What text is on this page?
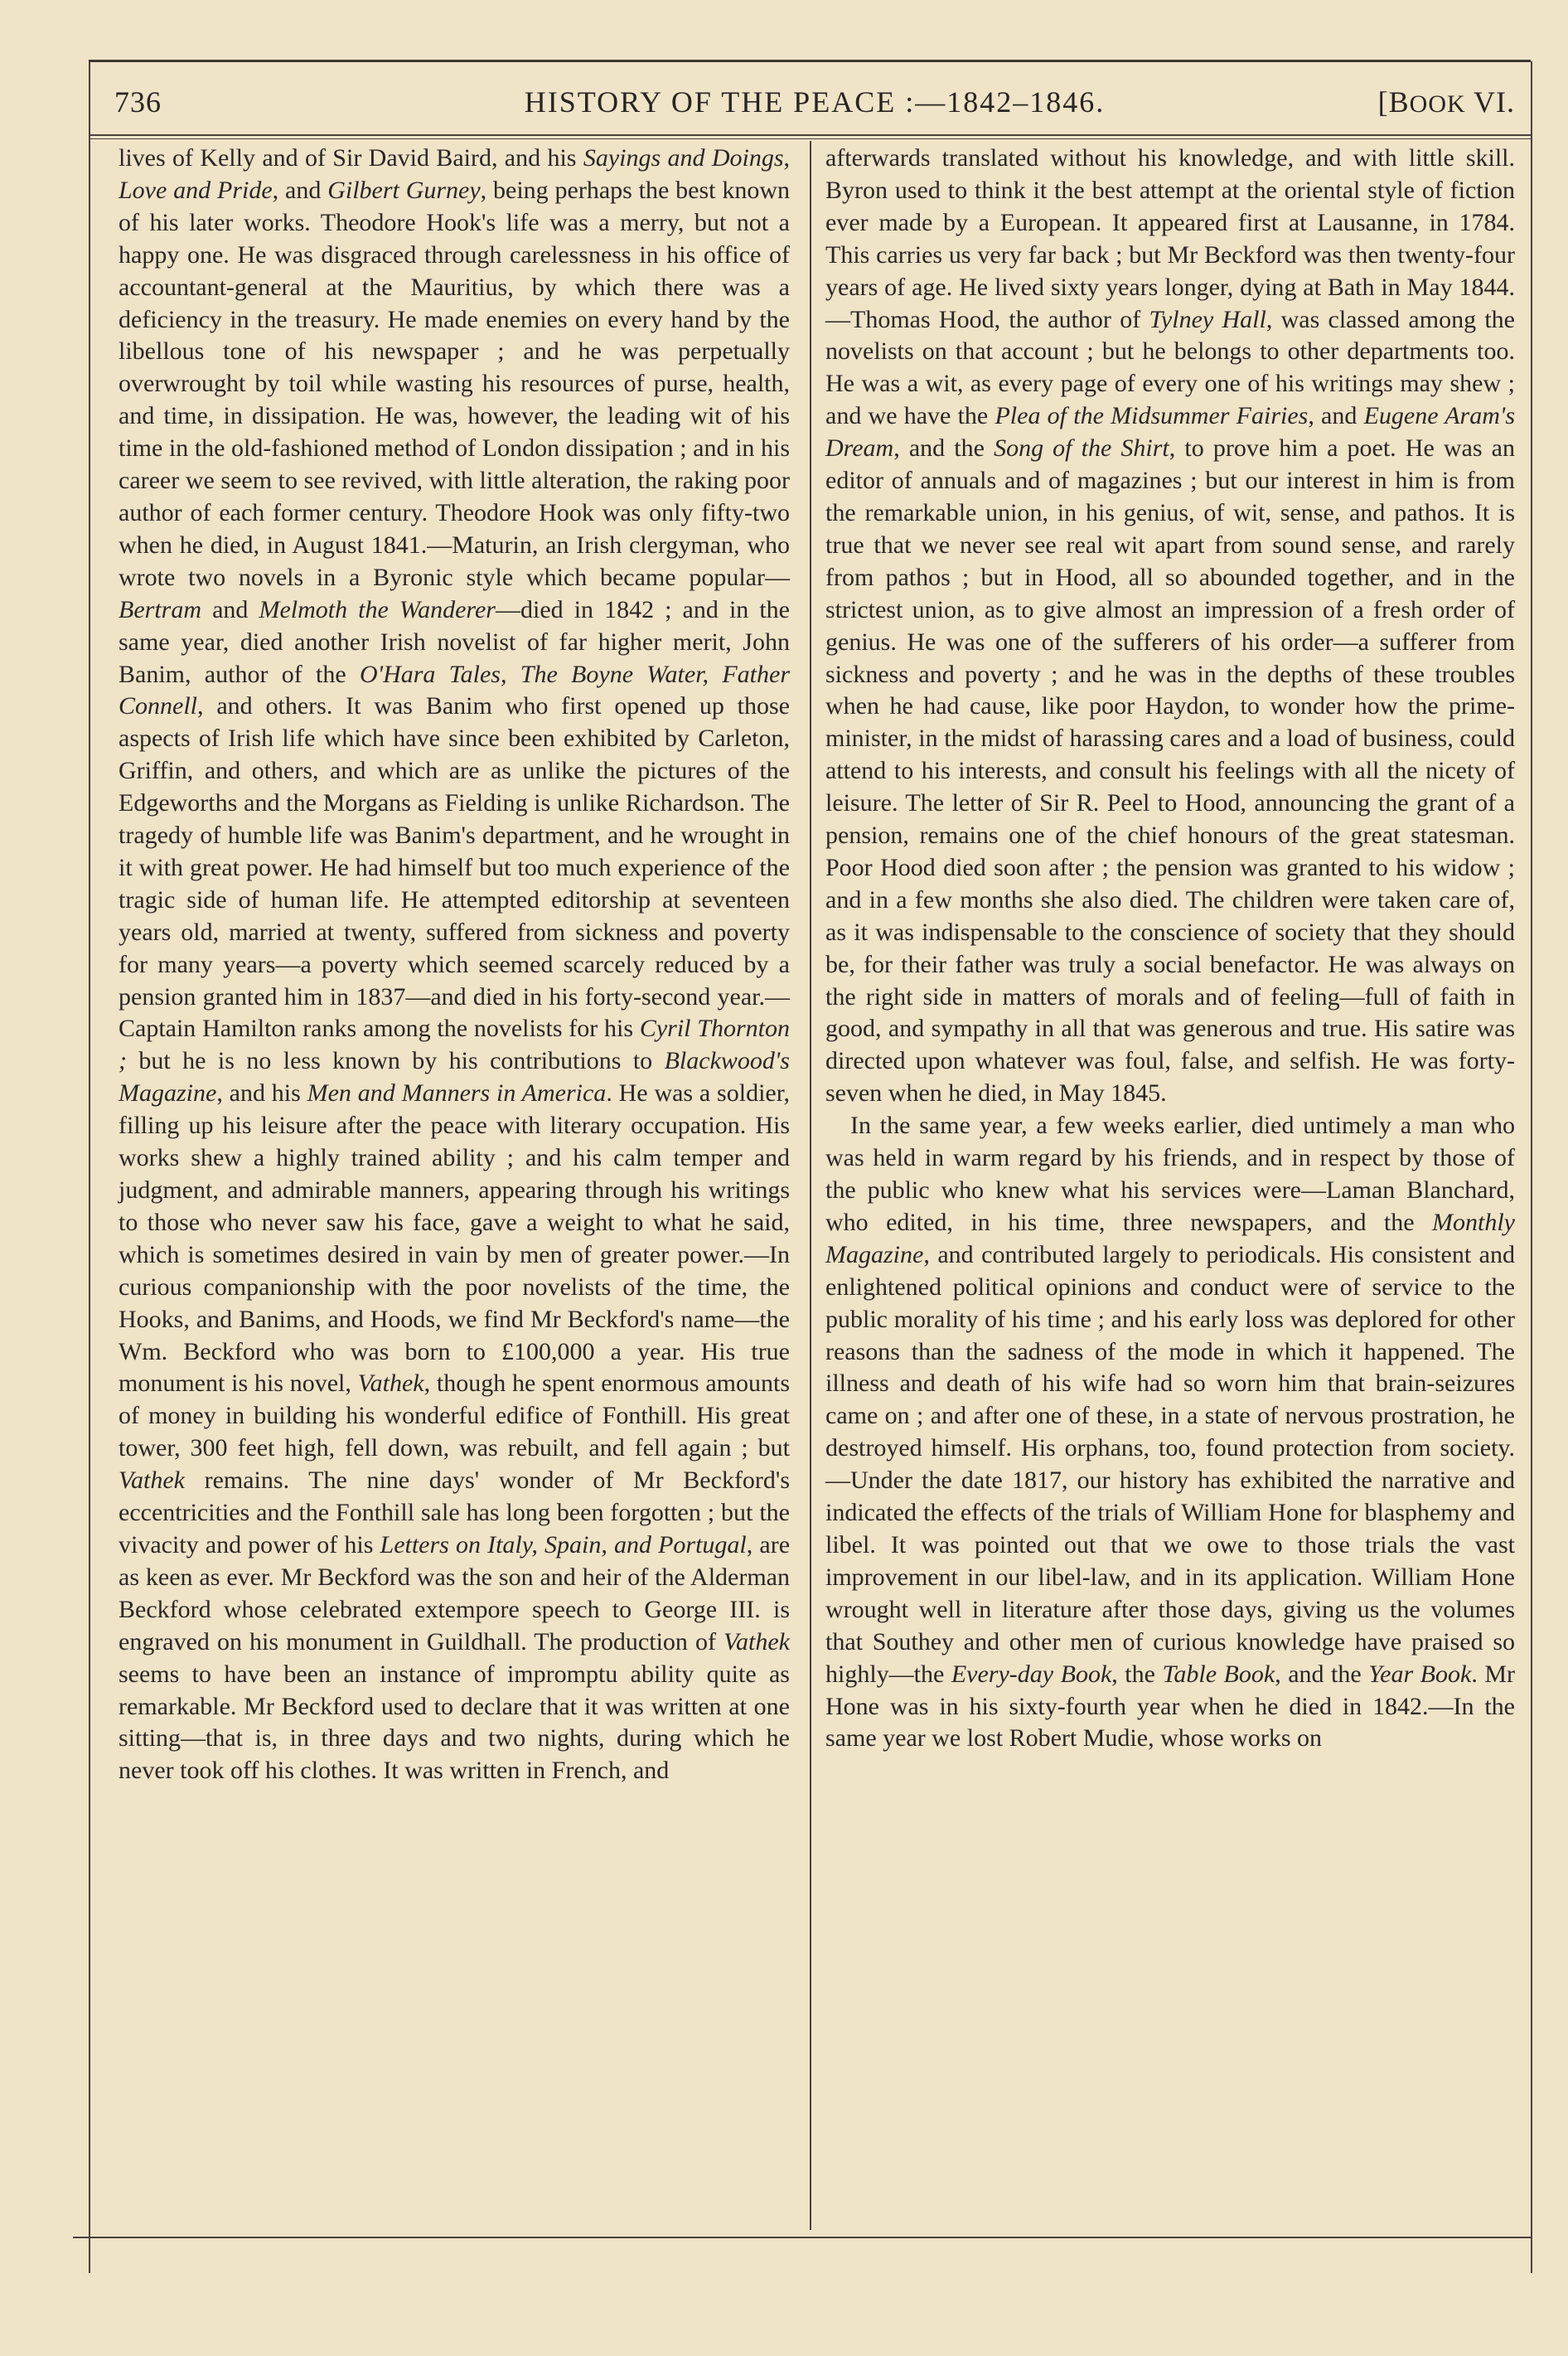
736	HISTORY OF THE PEACE :—1842–1846.	[BOOK VI.

lives of Kelly and of Sir David Baird, and his Sayings and Doings, Love and Pride, and Gilbert Gurney, being perhaps the best known of his later works. Theodore Hook's life was a merry, but not a happy one. He was disgraced through carelessness in his office of accountant-general at the Mauritius, by which there was a deficiency in the treasury. He made enemies on every hand by the libellous tone of his newspaper ; and he was perpetually overwrought by toil while wasting his resources of purse, health, and time, in dissipation. He was, however, the leading wit of his time in the old-fashioned method of London dissipation ; and in his career we seem to see revived, with little alteration, the raking poor author of each former century. Theodore Hook was only fifty-two when he died, in August 1841.—Maturin, an Irish clergyman, who wrote two novels in a Byronic style which became popular—Bertram and Melmoth the Wanderer—died in 1842 ; and in the same year, died another Irish novelist of far higher merit, John Banim, author of the O'Hara Tales, The Boyne Water, Father Connell, and others. It was Banim who first opened up those aspects of Irish life which have since been exhibited by Carleton, Griffin, and others, and which are as unlike the pictures of the Edgeworths and the Morgans as Fielding is unlike Richardson. The tragedy of humble life was Banim's department, and he wrought in it with great power. He had himself but too much experience of the tragic side of human life. He attempted editorship at seventeen years old, married at twenty, suffered from sickness and poverty for many years—a poverty which seemed scarcely reduced by a pension granted him in 1837—and died in his forty-second year.—Captain Hamilton ranks among the novelists for his Cyril Thornton ; but he is no less known by his contributions to Blackwood's Magazine, and his Men and Manners in America. He was a soldier, filling up his leisure after the peace with literary occupation. His works shew a highly trained ability ; and his calm temper and judgment, and admirable manners, appearing through his writings to those who never saw his face, gave a weight to what he said, which is sometimes desired in vain by men of greater power.—In curious companionship with the poor novelists of the time, the Hooks, and Banims, and Hoods, we find Mr Beckford's name—the Wm. Beckford who was born to £100,000 a year. His true monument is his novel, Vathek, though he spent enormous amounts of money in building his wonderful edifice of Fonthill. His great tower, 300 feet high, fell down, was rebuilt, and fell again ; but Vathek remains. The nine days' wonder of Mr Beckford's eccentricities and the Fonthill sale has long been forgotten ; but the vivacity and power of his Letters on Italy, Spain, and Portugal, are as keen as ever. Mr Beckford was the son and heir of the Alderman Beckford whose celebrated extempore speech to George III. is engraved on his monument in Guildhall. The production of Vathek seems to have been an instance of impromptu ability quite as remarkable. Mr Beckford used to declare that it was written at one sitting—that is, in three days and two nights, during which he never took off his clothes. It was written in French, and

afterwards translated without his knowledge, and with little skill. Byron used to think it the best attempt at the oriental style of fiction ever made by a European. It appeared first at Lausanne, in 1784. This carries us very far back ; but Mr Beckford was then twenty-four years of age. He lived sixty years longer, dying at Bath in May 1844.—Thomas Hood, the author of Tylney Hall, was classed among the novelists on that account ; but he belongs to other departments too. He was a wit, as every page of every one of his writings may shew ; and we have the Plea of the Midsummer Fairies, and Eugene Aram's Dream, and the Song of the Shirt, to prove him a poet. He was an editor of annuals and of magazines ; but our interest in him is from the remarkable union, in his genius, of wit, sense, and pathos. It is true that we never see real wit apart from sound sense, and rarely from pathos ; but in Hood, all so abounded together, and in the strictest union, as to give almost an impression of a fresh order of genius. He was one of the sufferers of his order—a sufferer from sickness and poverty ; and he was in the depths of these troubles when he had cause, like poor Haydon, to wonder how the prime-minister, in the midst of harassing cares and a load of business, could attend to his interests, and consult his feelings with all the nicety of leisure. The letter of Sir R. Peel to Hood, announcing the grant of a pension, remains one of the chief honours of the great statesman. Poor Hood died soon after ; the pension was granted to his widow ; and in a few months she also died. The children were taken care of, as it was indispensable to the conscience of society that they should be, for their father was truly a social benefactor. He was always on the right side in matters of morals and of feeling—full of faith in good, and sympathy in all that was generous and true. His satire was directed upon whatever was foul, false, and selfish. He was forty-seven when he died, in May 1845.

In the same year, a few weeks earlier, died untimely a man who was held in warm regard by his friends, and in respect by those of the public who knew what his services were—Laman Blanchard, who edited, in his time, three newspapers, and the Monthly Magazine, and contributed largely to periodicals. His consistent and enlightened political opinions and conduct were of service to the public morality of his time ; and his early loss was deplored for other reasons than the sadness of the mode in which it happened. The illness and death of his wife had so worn him that brain-seizures came on ; and after one of these, in a state of nervous prostration, he destroyed himself. His orphans, too, found protection from society.—Under the date 1817, our history has exhibited the narrative and indicated the effects of the trials of William Hone for blasphemy and libel. It was pointed out that we owe to those trials the vast improvement in our libel-law, and in its application. William Hone wrought well in literature after those days, giving us the volumes that Southey and other men of curious knowledge have praised so highly—the Every-day Book, the Table Book, and the Year Book. Mr Hone was in his sixty-fourth year when he died in 1842.—In the same year we lost Robert Mudie, whose works on
